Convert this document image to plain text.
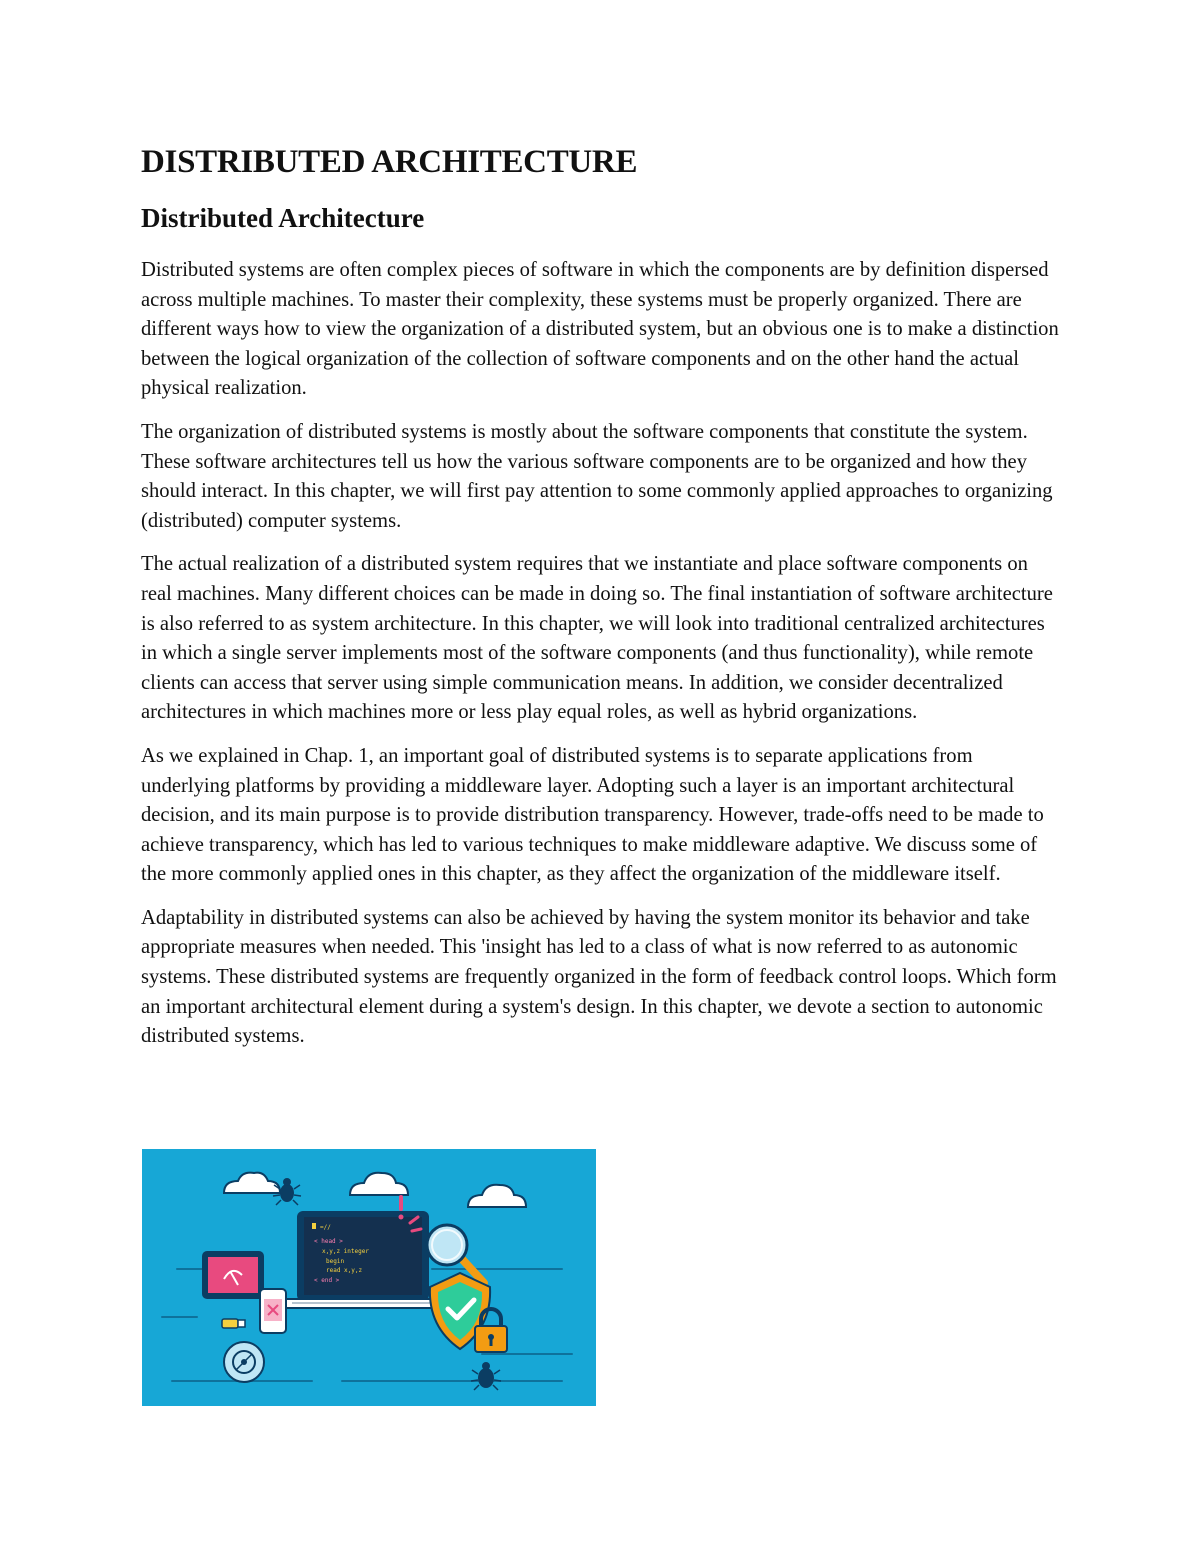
DISTRIBUTED ARCHITECTURE
Distributed Architecture

Distributed systems are often complex pieces of software in which the components are by definition dispersed across multiple machines. To master their complexity, these systems must be properly organized. There are different ways how to view the organization of a distributed system, but an obvious one is to make a distinction between the logical organization of the collection of software components and on the other hand the actual physical realization.

The organization of distributed systems is mostly about the software components that constitute the system. These software architectures tell us how the various software components are to be organized and how they should interact. In this chapter, we will first pay attention to some commonly applied approaches to organizing (distributed) computer systems.

The actual realization of a distributed system requires that we instantiate and place software components on real machines. Many different choices can be made in doing so. The final instantiation of software architecture is also referred to as system architecture. In this chapter, we will look into traditional centralized architectures in which a single server implements most of the software components (and thus functionality), while remote clients can access that server using simple communication means. In addition, we consider decentralized architectures in which machines more or less play equal roles, as well as hybrid organizations.

As we explained in Chap. 1, an important goal of distributed systems is to separate applications from underlying platforms by providing a middleware layer. Adopting such a layer is an important architectural decision, and its main purpose is to provide distribution transparency. However, trade-offs need to be made to achieve transparency, which has led to various techniques to make middleware adaptive. We discuss some of the more commonly applied ones in this chapter, as they affect the organization of the middleware itself.

Adaptability in distributed systems can also be achieved by having the system monitor its behavior and take appropriate measures when needed. This 'insight has led to a class of what is now referred to as autonomic systems. These distributed systems are frequently organized in the form of feedback control loops. Which form an important architectural element during a system's design. In this chapter, we devote a section to autonomic distributed systems.

=//
< head >
x,y,z integer
begin
read x,y,z
< end >
